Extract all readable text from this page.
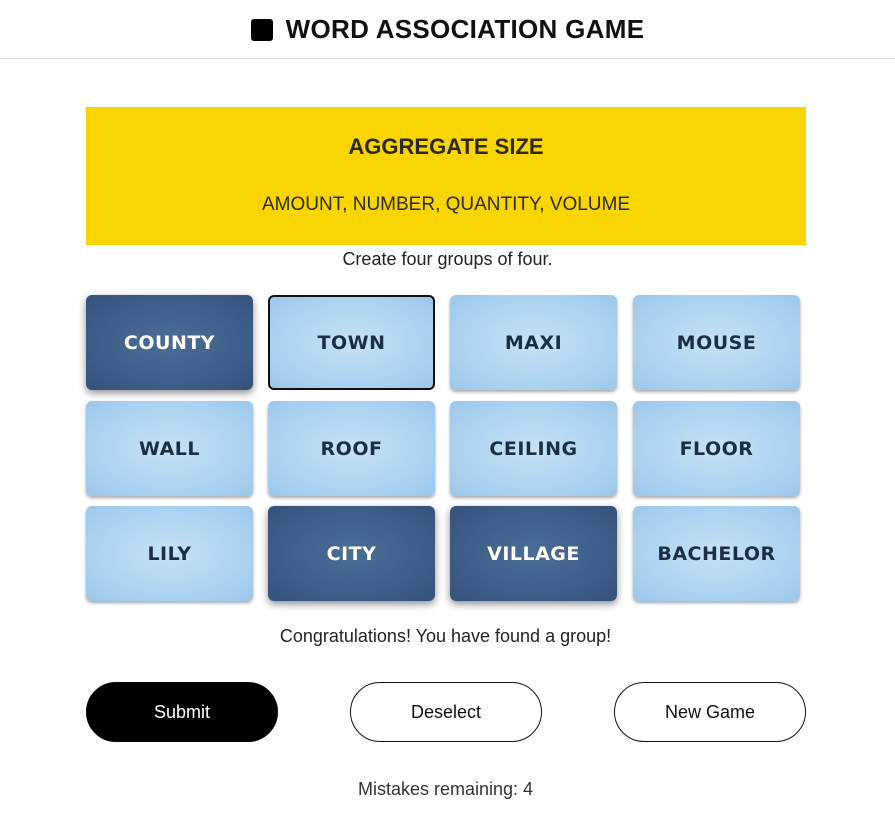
WORD ASSOCIATION GAME
AGGREGATE SIZE
AMOUNT, NUMBER, QUANTITY, VOLUME
Create four groups of four.
COUNTY	TOWN	MAXI	MOUSE
WALL	ROOF	CEILING	FLOOR
LILY	CITY	VILLAGE	BACHELOR
Congratulations! You have found a group!
Submit	Deselect	New Game
Mistakes remaining: 4
